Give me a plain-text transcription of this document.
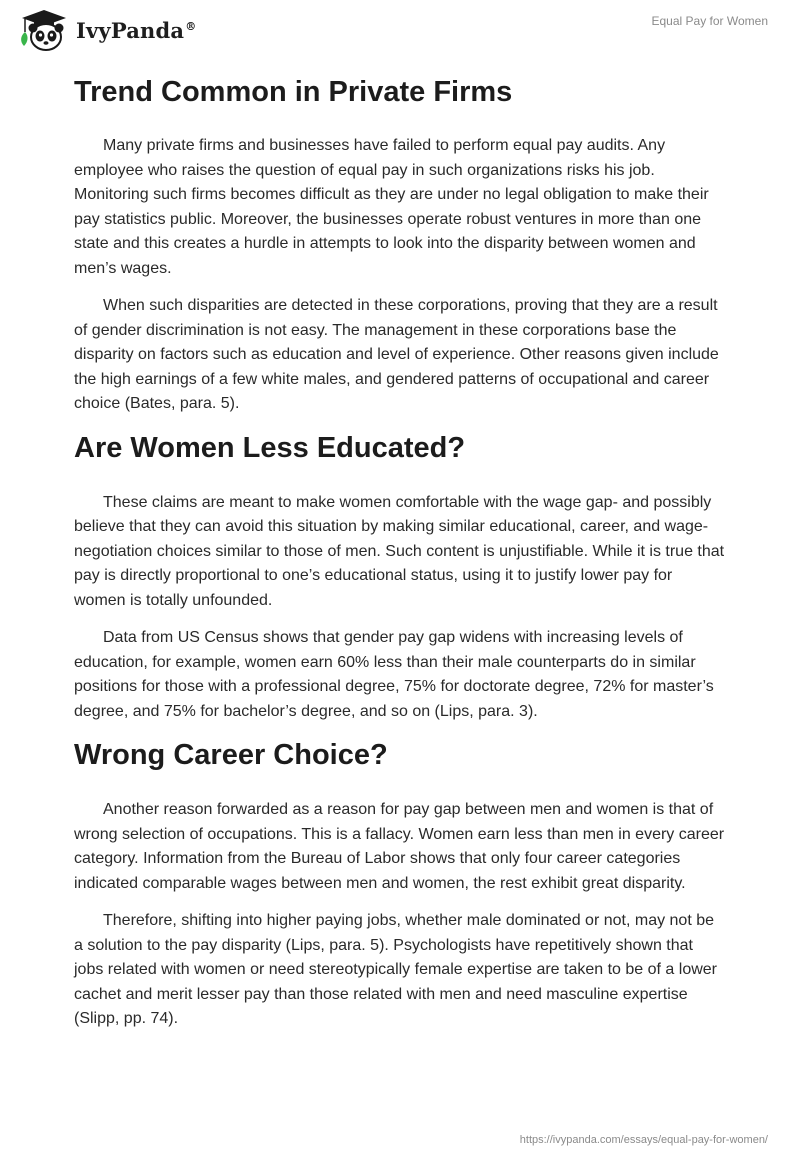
IvyPanda®	Equal Pay for Women
Trend Common in Private Firms

Many private firms and businesses have failed to perform equal pay audits. Any employee who raises the question of equal pay in such organizations risks his job. Monitoring such firms becomes difficult as they are under no legal obligation to make their pay statistics public. Moreover, the businesses operate robust ventures in more than one state and this creates a hurdle in attempts to look into the disparity between women and men’s wages.

When such disparities are detected in these corporations, proving that they are a result of gender discrimination is not easy. The management in these corporations base the disparity on factors such as education and level of experience. Other reasons given include the high earnings of a few white males, and gendered patterns of occupational and career choice (Bates, para. 5).

Are Women Less Educated?

These claims are meant to make women comfortable with the wage gap- and possibly believe that they can avoid this situation by making similar educational, career, and wage-negotiation choices similar to those of men. Such content is unjustifiable. While it is true that pay is directly proportional to one’s educational status, using it to justify lower pay for women is totally unfounded.

Data from US Census shows that gender pay gap widens with increasing levels of education, for example, women earn 60% less than their male counterparts do in similar positions for those with a professional degree, 75% for doctorate degree, 72% for master’s degree, and 75% for bachelor’s degree, and so on (Lips, para. 3).

Wrong Career Choice?

Another reason forwarded as a reason for pay gap between men and women is that of wrong selection of occupations. This is a fallacy. Women earn less than men in every career category. Information from the Bureau of Labor shows that only four career categories indicated comparable wages between men and women, the rest exhibit great disparity.

Therefore, shifting into higher paying jobs, whether male dominated or not, may not be a solution to the pay disparity (Lips, para. 5). Psychologists have repetitively shown that jobs related with women or need stereotypically female expertise are taken to be of a lower cachet and merit lesser pay than those related with men and need masculine expertise (Slipp, pp. 74).

https://ivypanda.com/essays/equal-pay-for-women/
